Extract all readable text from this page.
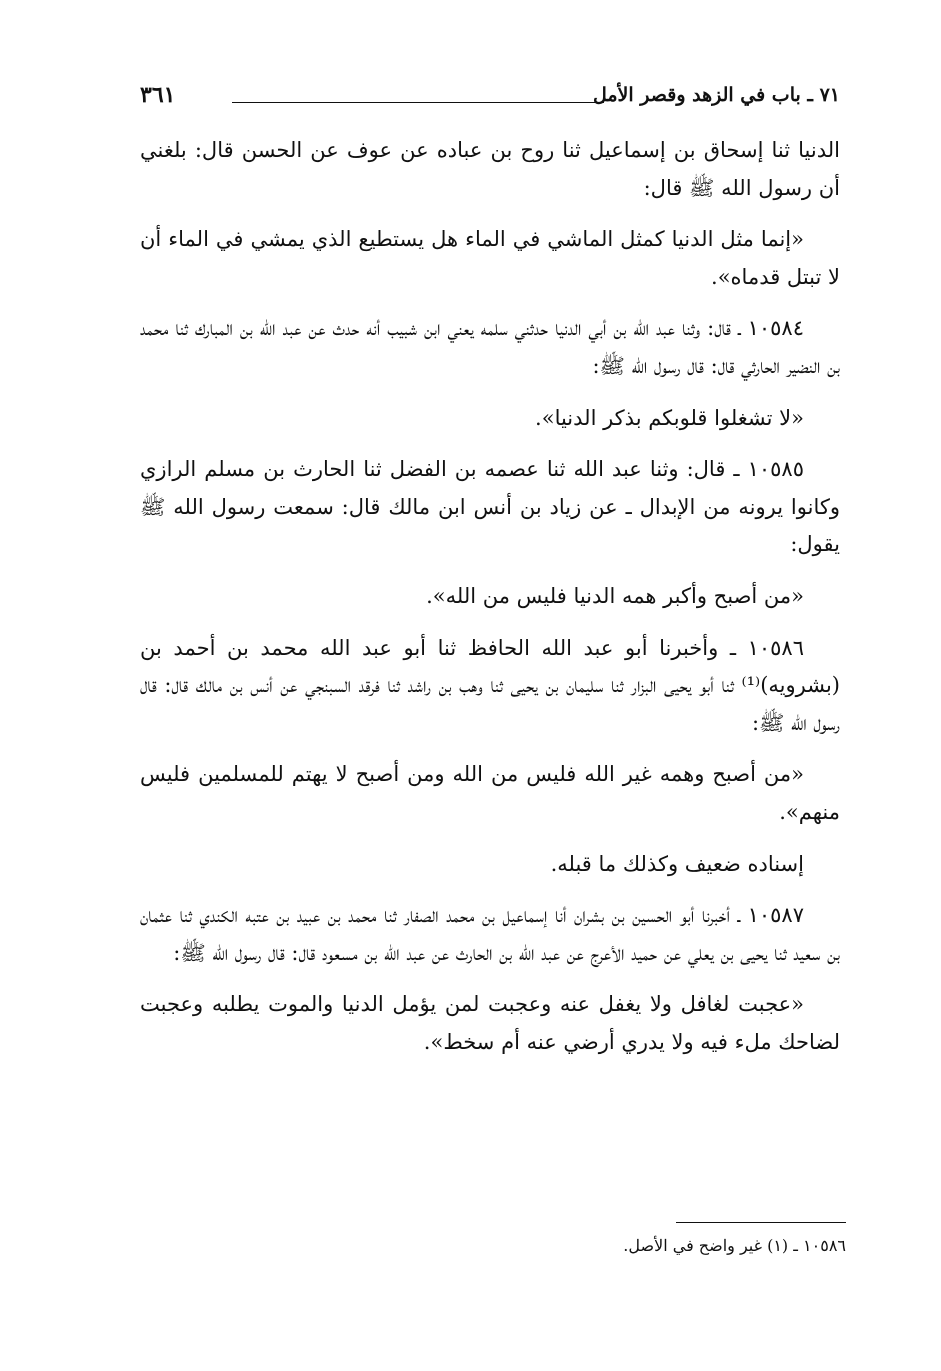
٧١ ـ باب في الزهد وقصر الأمل
٣٦١

الدنيا ثنا إسحاق بن إسماعيل ثنا روح بن عباده عن عوف عن الحسن قال: بلغني أن رسول الله ﷺ قال:

«إنما مثل الدنيا كمثل الماشي في الماء هل يستطيع الذي يمشي في الماء أن لا تبتل قدماه».

١٠٥٨٤ ـ قال: وثنا عبد الله بن أبي الدنيا حدثني سلمه يعني ابن شبيب أنه حدث عن عبد الله بن المبارك ثنا محمد بن النضير الحارثي قال: قال رسول الله ﷺ:

«لا تشغلوا قلوبكم بذكر الدنيا».

١٠٥٨٥ ـ قال: وثنا عبد الله ثنا عصمه بن الفضل ثنا الحارث بن مسلم الرازي وكانوا يرونه من الإبدال ـ عن زياد بن أنس ابن مالك قال: سمعت رسول الله ﷺ يقول:

«من أصبح وأكبر همه الدنيا فليس من الله».

١٠٥٨٦ ـ وأخبرنا أبو عبد الله الحافظ ثنا أبو عبد الله محمد بن أحمد بن (بشرويه)⁽¹⁾ ثنا أبو يحيى البزار ثنا سليمان بن يحيى ثنا وهب بن راشد ثنا فرقد السبنجي عن أنس بن مالك قال: قال رسول الله ﷺ:

«من أصبح وهمه غير الله فليس من الله ومن أصبح لا يهتم للمسلمين فليس منهم».

إسناده ضعيف وكذلك ما قبله.

١٠٥٨٧ ـ أخبرنا أبو الحسين بن بشران أنا إسماعيل بن محمد الصفار ثنا محمد بن عبيد بن عتبه الكندي ثنا عثمان بن سعيد ثنا يحيى بن يعلي عن حميد الأعرج عن عبد الله بن الحارث عن عبد الله بن مسعود قال: قال رسول الله ﷺ:

«عجبت لغافل ولا يغفل عنه وعجبت لمن يؤمل الدنيا والموت يطلبه وعجبت لضاحك ملء فيه ولا يدري أرضي عنه أم سخط».

١٠٥٨٦ ـ (١) غير واضح في الأصل.
